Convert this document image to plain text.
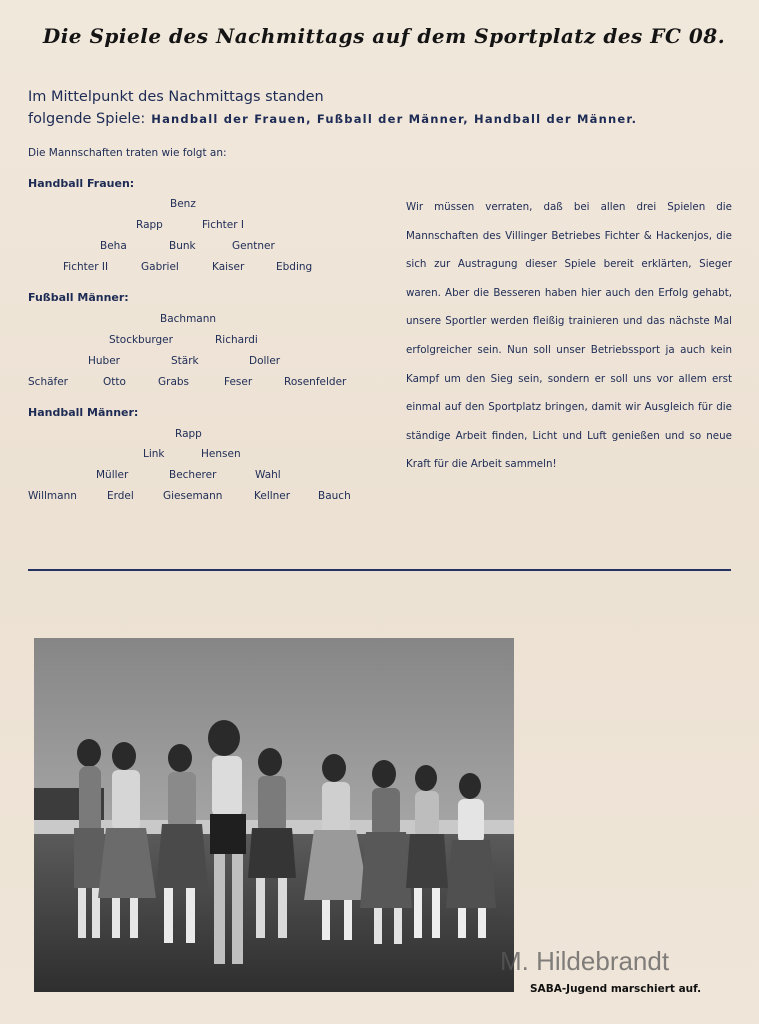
Die Spiele des Nachmittags auf dem Sportplatz des FC 08.
Im Mittelpunkt des Nachmittags standen
folgende Spiele: Handball der Frauen, Fußball der Männer, Handball der Männer.
Die Mannschaften traten wie folgt an:
Handball Frauen:
Benz
Rapp	Fichter I
Beha	Bunk	Gentner
Fichter II	Gabriel	Kaiser	Ebding
Fußball Männer:
Bachmann
Stockburger	Richardi
Huber	Stärk	Doller
Schäfer	Otto	Grabs	Feser	Rosenfelder
Handball Männer:
Rapp
Link	Hensen
Müller	Becherer	Wahl
Willmann	Erdel	Giesemann	Kellner	Bauch
Wir müssen verraten, daß bei allen drei Spielen die Mannschaften des Villinger Betriebes Fichter & Hackenjos, die sich zur Austragung dieser Spiele bereit erklärten, Sieger waren. Aber die Besseren haben hier auch den Erfolg gehabt, unsere Sportler werden fleißig trainieren und das nächste Mal erfolgreicher sein. Nun soll unser Betriebssport ja auch kein Kampf um den Sieg sein, sondern er soll uns vor allem erst einmal auf den Sportplatz bringen, damit wir Ausgleich für die ständige Arbeit finden, Licht und Luft genießen und so neue Kraft für die Arbeit sammeln!
M. Hildebrandt
SABA-Jugend marschiert auf.
